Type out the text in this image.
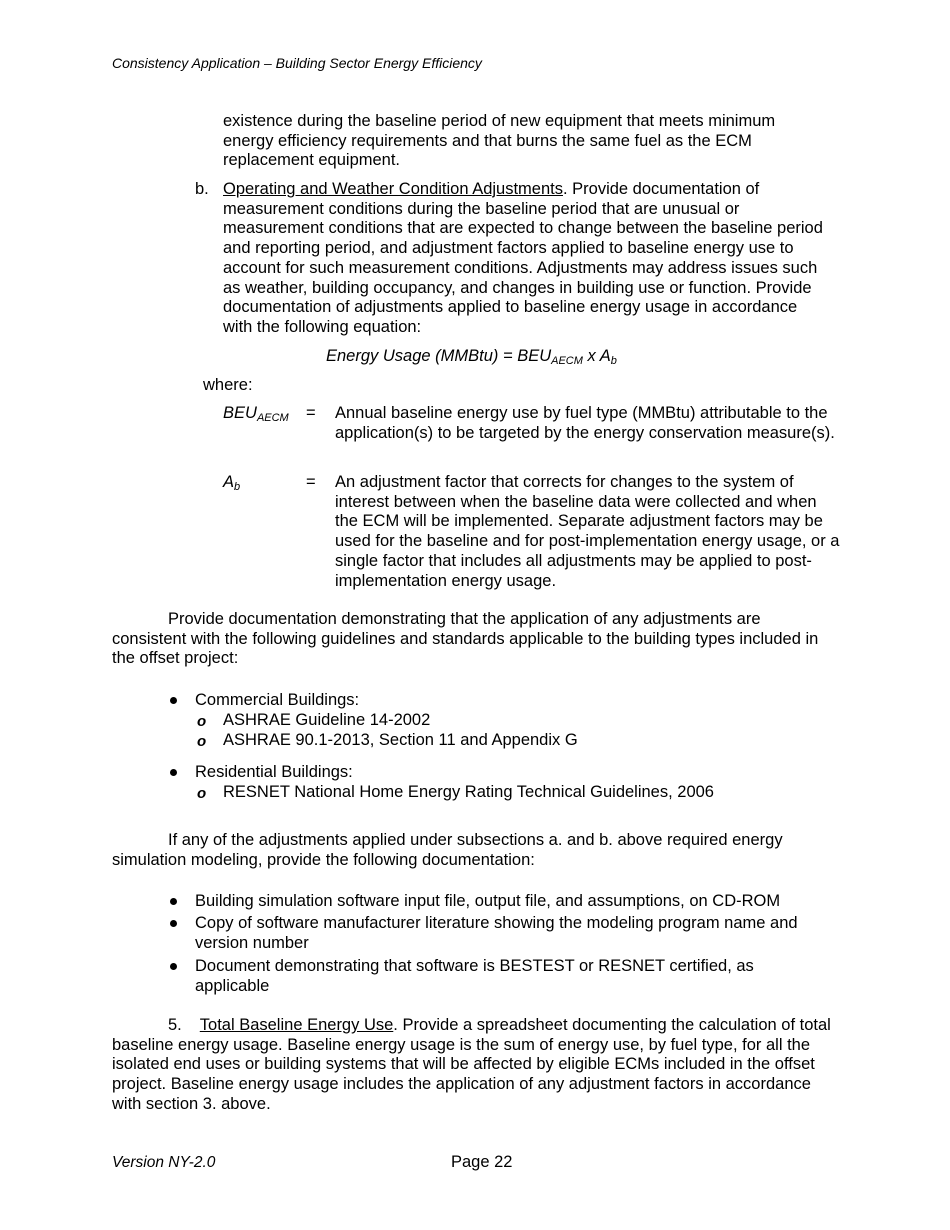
Consistency Application – Building Sector Energy Efficiency
existence during the baseline period of new equipment that meets minimum energy efficiency requirements and that burns the same fuel as the ECM replacement equipment.
b. Operating and Weather Condition Adjustments. Provide documentation of measurement conditions during the baseline period that are unusual or measurement conditions that are expected to change between the baseline period and reporting period, and adjustment factors applied to baseline energy use to account for such measurement conditions. Adjustments may address issues such as weather, building occupancy, and changes in building use or function. Provide documentation of adjustments applied to baseline energy usage in accordance with the following equation:
Energy Usage (MMBtu) = $BEU_{AECM}$ x $A_b$
where:
$BEU_{AECM}$ = Annual baseline energy use by fuel type (MMBtu) attributable to the application(s) to be targeted by the energy conservation measure(s).
$A_b$	= An adjustment factor that corrects for changes to the system of interest between when the baseline data were collected and when the ECM will be implemented. Separate adjustment factors may be used for the baseline and for post-implementation energy usage, or a single factor that includes all adjustments may be applied to post-implementation energy usage.
Provide documentation demonstrating that the application of any adjustments are consistent with the following guidelines and standards applicable to the building types included in the offset project:
Commercial Buildings:
o ASHRAE Guideline 14-2002
o ASHRAE 90.1-2013, Section 11 and Appendix G
Residential Buildings:
o RESNET National Home Energy Rating Technical Guidelines, 2006
If any of the adjustments applied under subsections a. and b. above required energy simulation modeling, provide the following documentation:
Building simulation software input file, output file, and assumptions, on CD-ROM
Copy of software manufacturer literature showing the modeling program name and version number
Document demonstrating that software is BESTEST or RESNET certified, as applicable
5. Total Baseline Energy Use. Provide a spreadsheet documenting the calculation of total baseline energy usage. Baseline energy usage is the sum of energy use, by fuel type, for all the isolated end uses or building systems that will be affected by eligible ECMs included in the offset project. Baseline energy usage includes the application of any adjustment factors in accordance with section 3. above.
Version NY-2.0	Page 22
